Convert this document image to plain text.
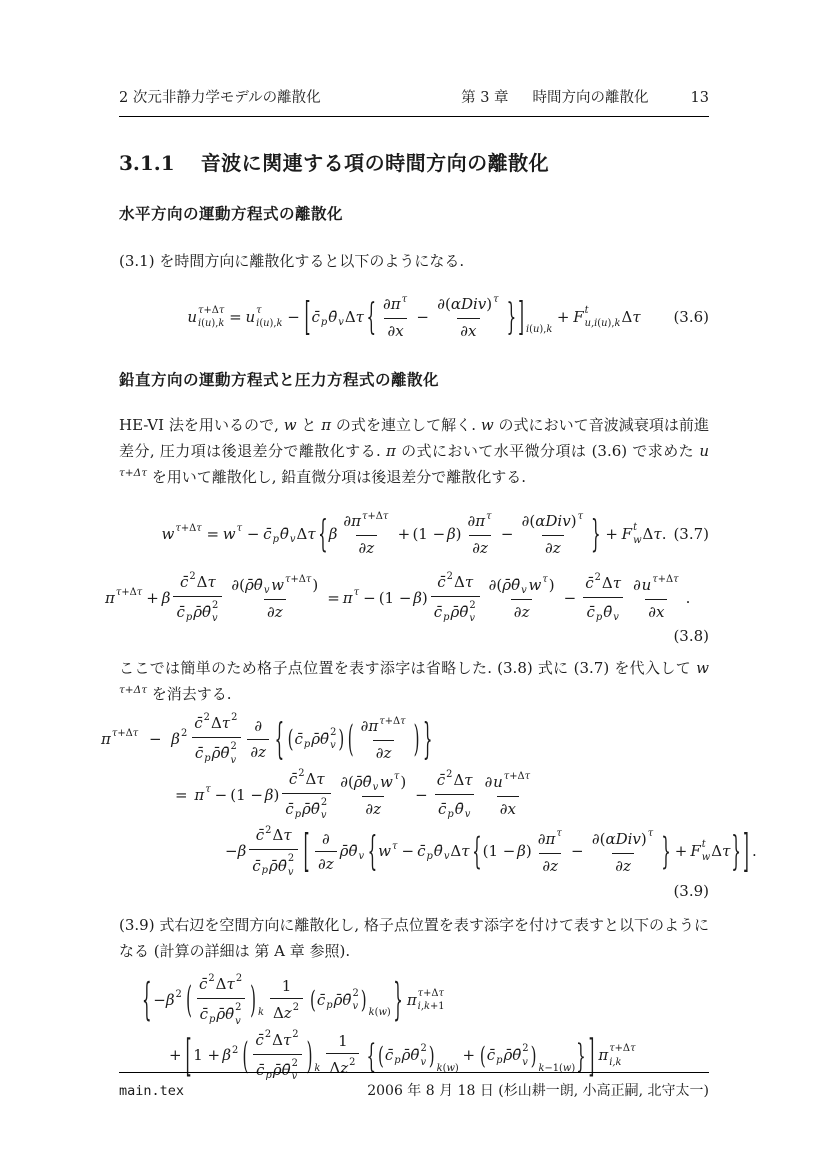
2 次元非静力学モデルの離散化	第 3 章 時間方向の離散化	13
3.1.1 音波に関連する項の時間方向の離散化
水平方向の運動方程式の離散化

(3.1) を時間方向に離散化すると以下のようになる.

u τ +Δ τ
i ( u ), k = u τ
i ( u ), k − [ c̄ p θ̄ v Δ τ { ∂ π τ
∂ x
−
∂( αDiv ) τ
∂ x } ] i ( u ), k
+ F t
u,i ( u ), k Δ τ (3.6)
鉛直方向の運動方程式と圧力方程式の離散化

HE-VI 法を用いるので, w と π の式を連立して解く. w の式において音波減衰項は前進差分, 圧力項は後退差分で離散化する. π の式において水平微分項は (3.6) で求めた uτ+Δτ を用いて離散化し, 鉛直微分項は後退差分で離散化する.

w τ +Δ τ = w τ − c̄ p θ̄ v Δ τ { β
∂ π τ +Δ τ
∂ z
+ (1 − β )
∂ π τ
∂ z
−
∂( αDiv ) τ
∂ z } + F t
w Δ τ . (3.7)
π τ +Δ τ + β
c̄ 2 Δ τ
c̄ p ρ̄ θ̄ 2
v
∂( ρ̄ θ̄ v w τ +Δ τ )
∂ z
= π τ − (1 − β )
c̄ 2 Δ τ
c̄ p ρ̄ θ̄ 2
v
∂( ρ̄ θ̄ v w τ )
∂ z
−
c̄ 2 Δ τ
c̄ p θ̄ v
∂ u τ +Δ τ
∂ x
.
(3.8)

ここでは簡単のため格子点位置を表す添字は省略した. (3.8) 式に (3.7) を代入して wτ+Δτ を消去する.

π τ +Δ τ − β 2
c̄ 2 Δ τ 2
c̄ p ρ̄ θ̄ 2
v
∂
∂ z { ( c̄ p ρ̄ θ̄ 2
v ) ( ∂ π τ +Δ τ
∂ z ) }
= π τ − (1 − β )
c̄ 2 Δ τ
c̄ p ρ̄ θ̄ 2
v
∂( ρ̄ θ̄ v w τ )
∂ z
−
c̄ 2 Δ τ
c̄ p θ̄ v
∂ u τ +Δ τ
∂ x
− β
c̄ 2 Δ τ
c̄ p ρ̄ θ̄ 2
v [ ∂
∂ z
ρ̄ θ̄ v { w τ − c̄ p θ̄ v Δ τ { (1 − β )
∂ π τ
∂ z
−
∂( αDiv ) τ
∂ z } + F t
w Δ τ } ] .
(3.9)

(3.9) 式右辺を空間方向に離散化し, 格子点位置を表す添字を付けて表すと以下のようになる (計算の詳細は 第 A 章 参照).

{ − β 2 ( c̄ 2 Δ τ 2
c̄ p ρ̄ θ̄ 2
v ) k
1
Δ z 2 ( c̄ p ρ̄ θ̄ 2
v ) k ( w ) } π τ +Δ τ
i,k +1
+ [ 1 + β 2 ( c̄ 2 Δ τ 2
c̄ p ρ̄ θ̄ 2
v ) k
1
Δ z 2 { ( c̄ p ρ̄ θ̄ 2
v ) k ( w )
+ ( c̄ p ρ̄ θ̄ 2
v ) k −1( w ) } ] π τ +Δ τ
i,k
main.tex	2006 年 8 月 18 日 (杉山耕一朗, 小高正嗣, 北守太一)
